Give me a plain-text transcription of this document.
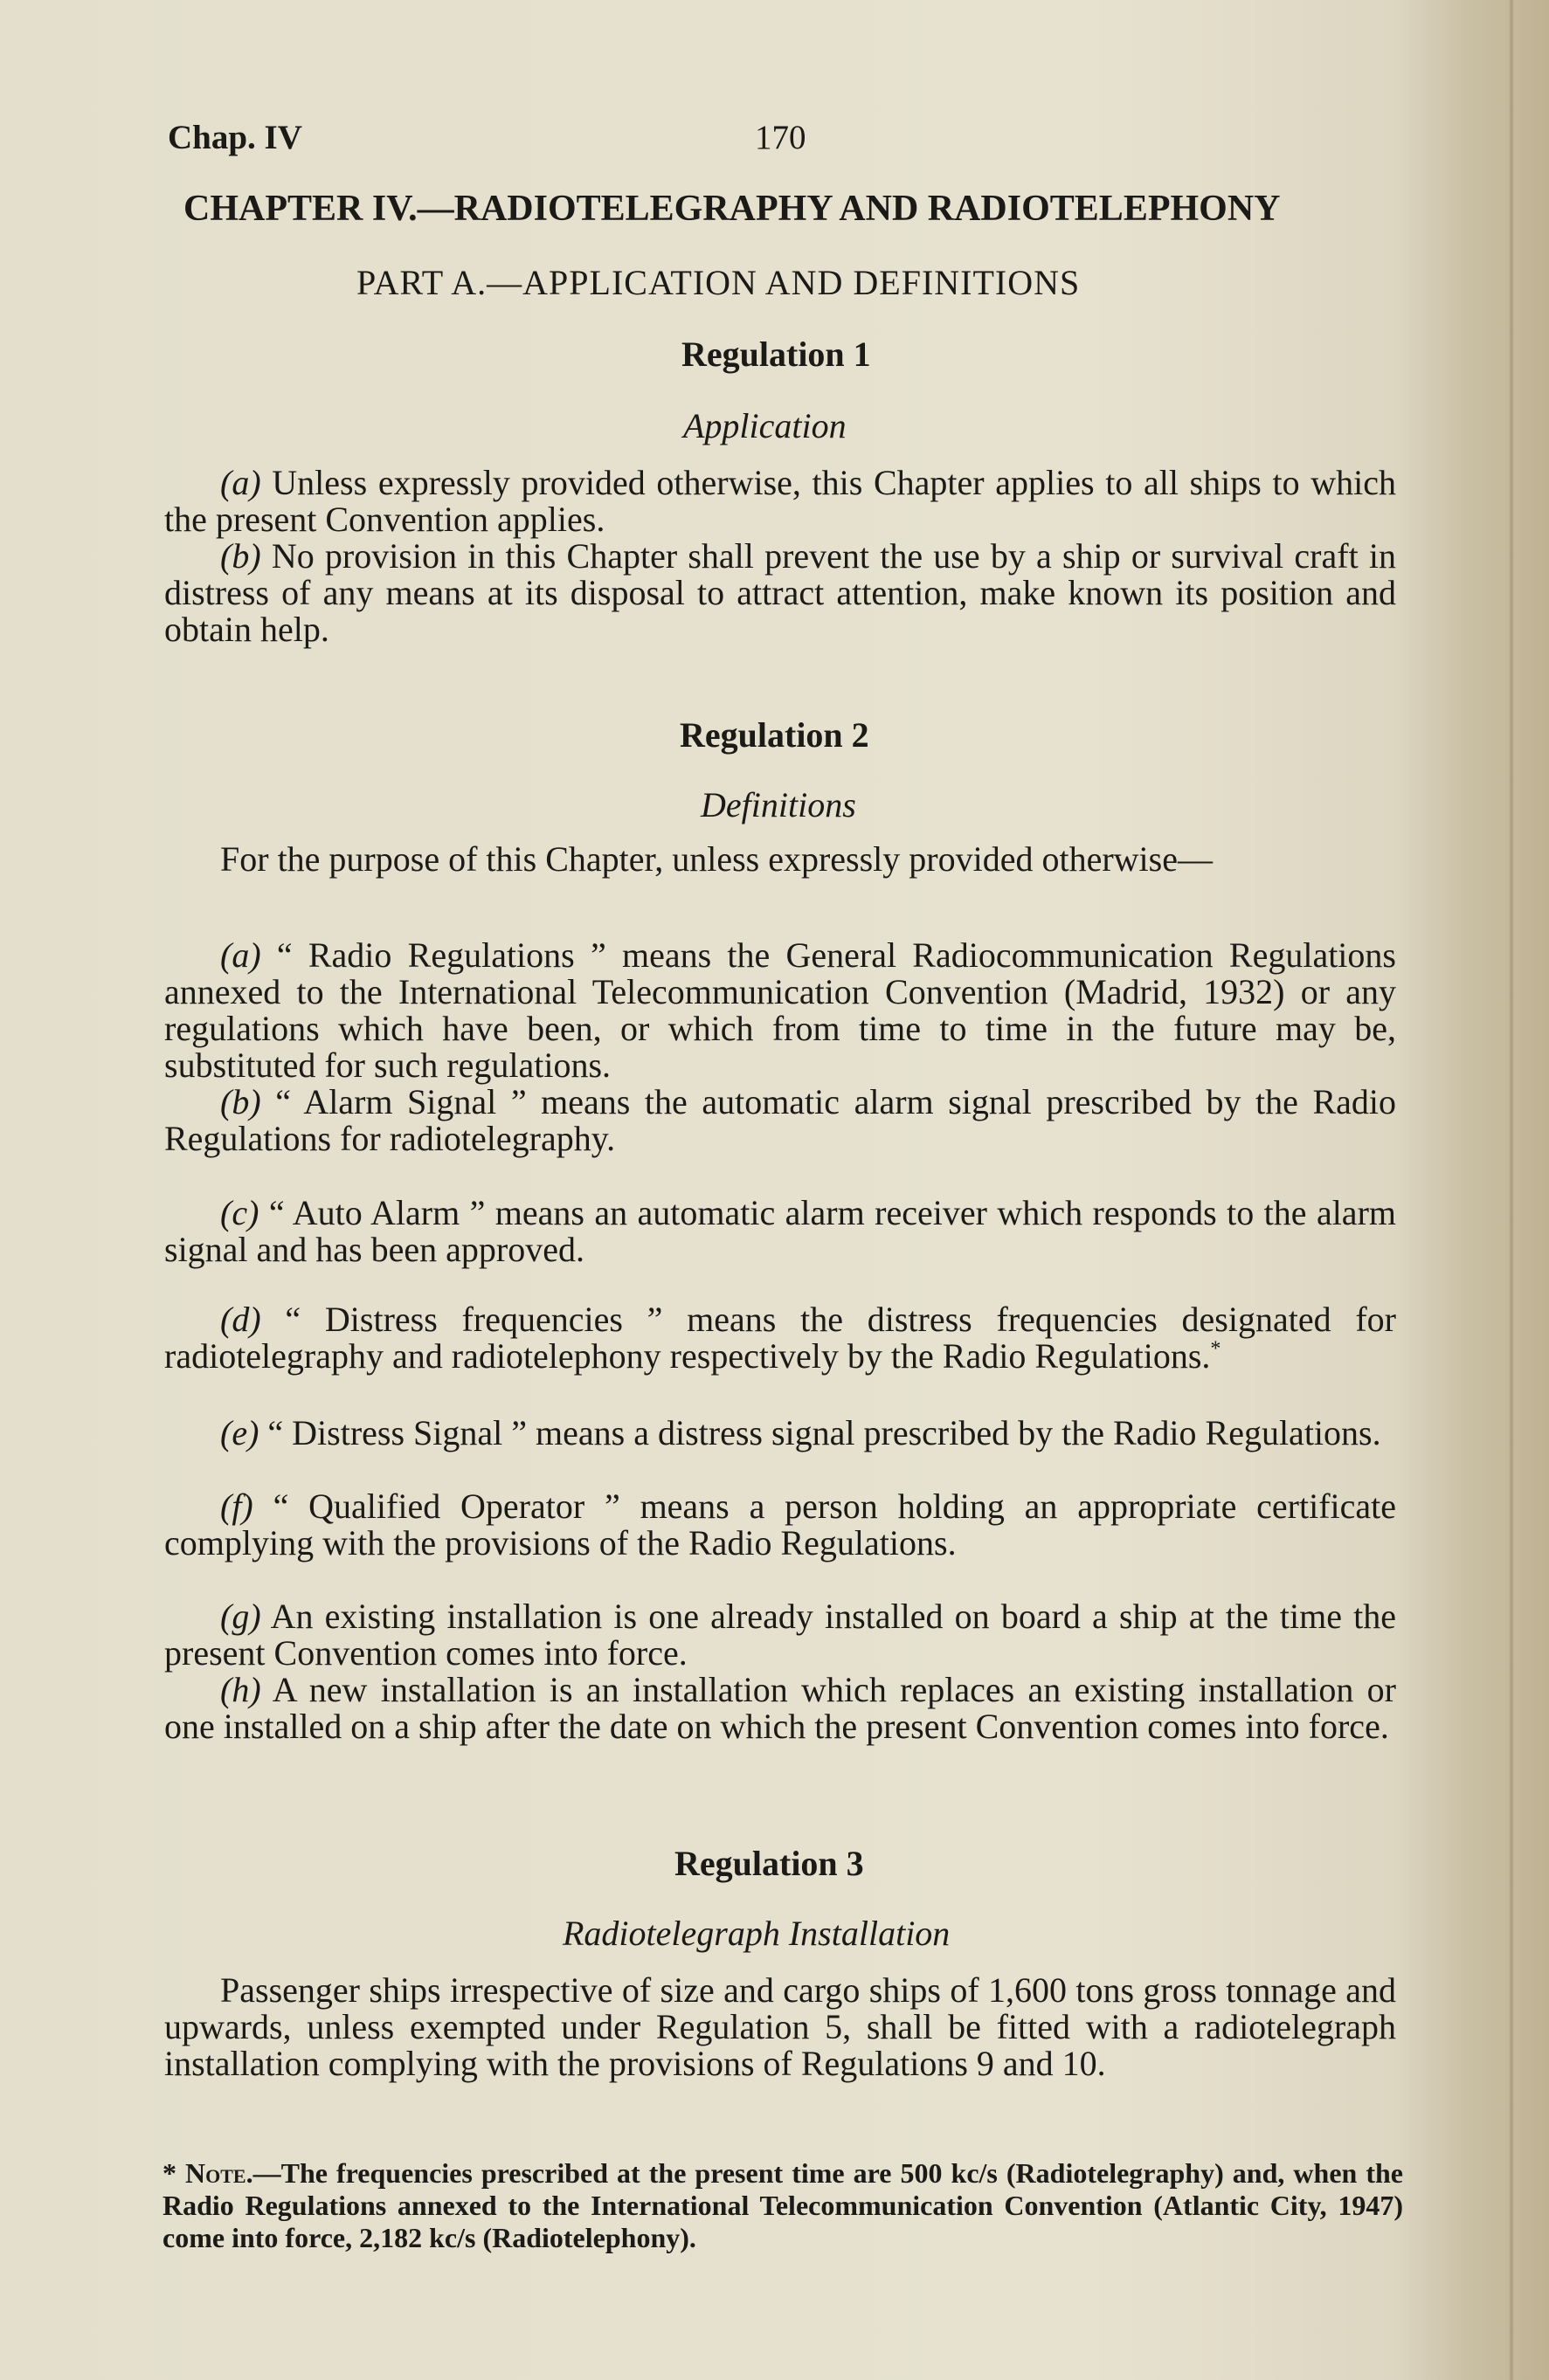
Chap. IV	170
CHAPTER IV.—RADIOTELEGRAPHY AND RADIOTELEPHONY
PART A.—APPLICATION AND DEFINITIONS
Regulation 1
Application
(a) Unless expressly provided otherwise, this Chapter applies to all ships to which the present Convention applies.
(b) No provision in this Chapter shall prevent the use by a ship or survival craft in distress of any means at its disposal to attract attention, make known its position and obtain help.
Regulation 2
Definitions
For the purpose of this Chapter, unless expressly provided otherwise—
(a) “ Radio Regulations ” means the General Radiocommunication Regulations annexed to the International Telecommunication Convention (Madrid, 1932) or any regulations which have been, or which from time to time in the future may be, substituted for such regulations.
(b) “ Alarm Signal ” means the automatic alarm signal prescribed by the Radio Regulations for radiotelegraphy.
(c) “ Auto Alarm ” means an automatic alarm receiver which responds to the alarm signal and has been approved.
(d) “ Distress frequencies ” means the distress frequencies designated for radiotelegraphy and radiotelephony respectively by the Radio Regulations.*
(e) “ Distress Signal ” means a distress signal prescribed by the Radio Regulations.
(f) “ Qualified Operator ” means a person holding an appropriate certificate complying with the provisions of the Radio Regulations.
(g) An existing installation is one already installed on board a ship at the time the present Convention comes into force.
(h) A new installation is an installation which replaces an existing installation or one installed on a ship after the date on which the present Convention comes into force.
Regulation 3
Radiotelegraph Installation
Passenger ships irrespective of size and cargo ships of 1,600 tons gross tonnage and upwards, unless exempted under Regulation 5, shall be fitted with a radiotelegraph installation complying with the provisions of Regulations 9 and 10.
* Note.—The frequencies prescribed at the present time are 500 kc/s (Radiotelegraphy) and, when the Radio Regulations annexed to the International Telecommunication Convention (Atlantic City, 1947) come into force, 2,182 kc/s (Radiotelephony).
